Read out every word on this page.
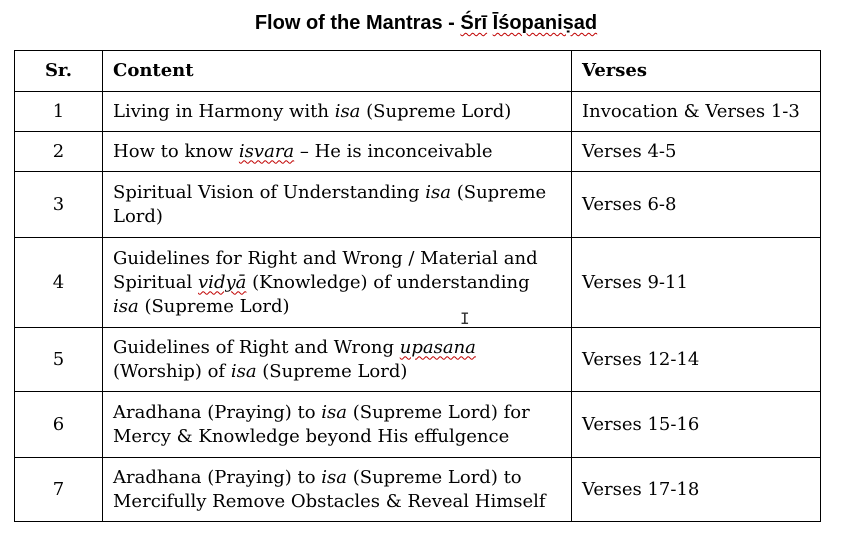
Flow of the Mantras - Śrī Īśopaniṣad
Sr.	Content	Verses
1	Living in Harmony with isa (Supreme Lord)	Invocation & Verses 1-3
2	How to know isvara – He is inconceivable	Verses 4-5
3	Spiritual Vision of Understanding isa (Supreme Lord)	Verses 6-8
4	Guidelines for Right and Wrong / Material and Spiritual vidyā (Knowledge) of understanding isa (Supreme Lord)	Verses 9-11
5	Guidelines of Right and Wrong upasana (Worship) of isa (Supreme Lord)	Verses 12-14
6	Aradhana (Praying) to isa (Supreme Lord) for Mercy & Knowledge beyond His effulgence	Verses 15-16
7	Aradhana (Praying) to isa (Supreme Lord) to Mercifully Remove Obstacles & Reveal Himself	Verses 17-18
I
